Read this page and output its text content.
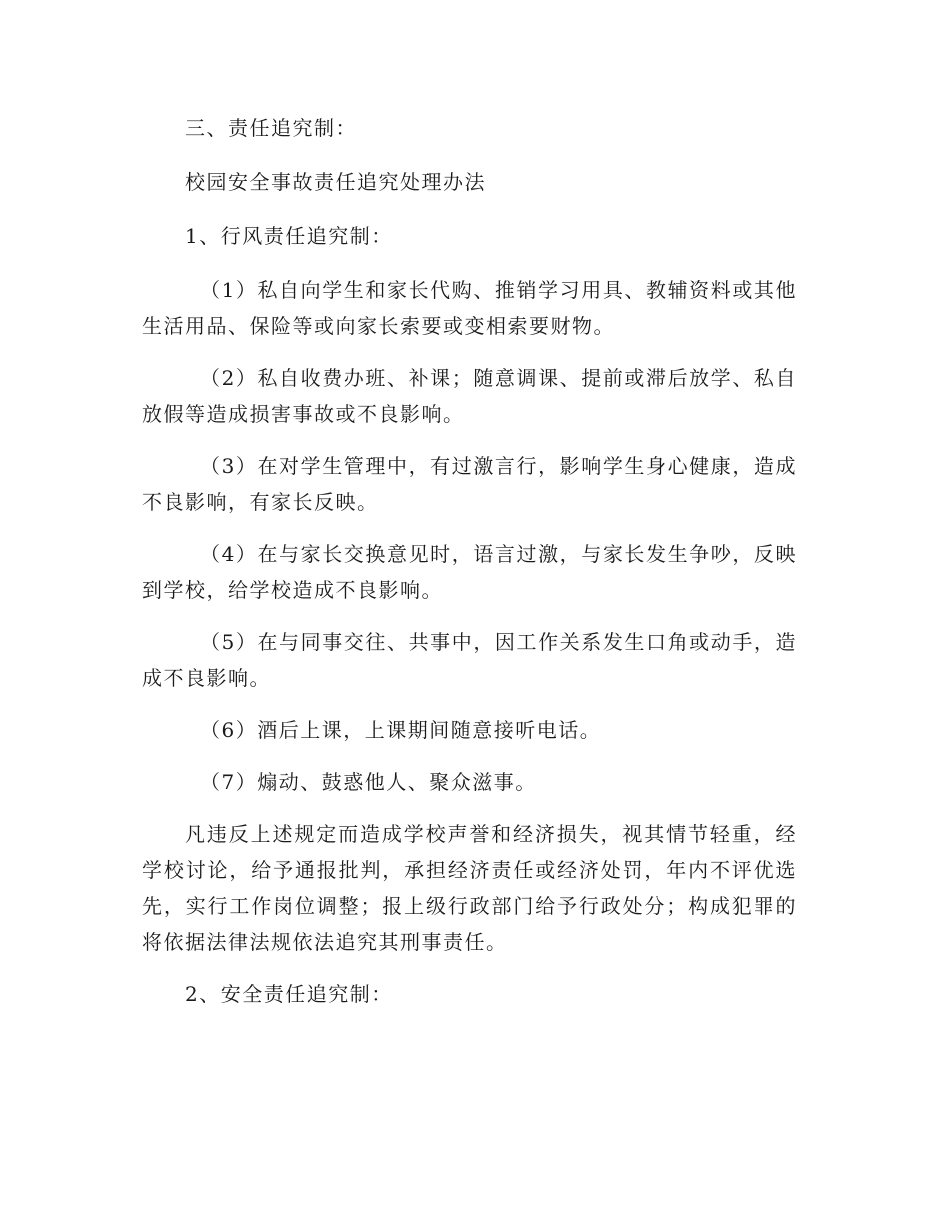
三、责任追究制：

校园安全事故责任追究处理办法

1、行风责任追究制：

（1）私自向学生和家长代购、推销学习用具、教辅资料或其他生活用品、保险等或向家长索要或变相索要财物。

（2）私自收费办班、补课；随意调课、提前或滞后放学、私自放假等造成损害事故或不良影响。

（3）在对学生管理中，有过激言行，影响学生身心健康，造成不良影响，有家长反映。

（4）在与家长交换意见时，语言过激，与家长发生争吵，反映到学校，给学校造成不良影响。

（5）在与同事交往、共事中，因工作关系发生口角或动手，造成不良影响。

（6）酒后上课，上课期间随意接听电话。

（7）煽动、鼓惑他人、聚众滋事。

凡违反上述规定而造成学校声誉和经济损失，视其情节轻重，经学校讨论，给予通报批判，承担经济责任或经济处罚，年内不评优选先，实行工作岗位调整；报上级行政部门给予行政处分；构成犯罪的将依据法律法规依法追究其刑事责任。

2、安全责任追究制：
